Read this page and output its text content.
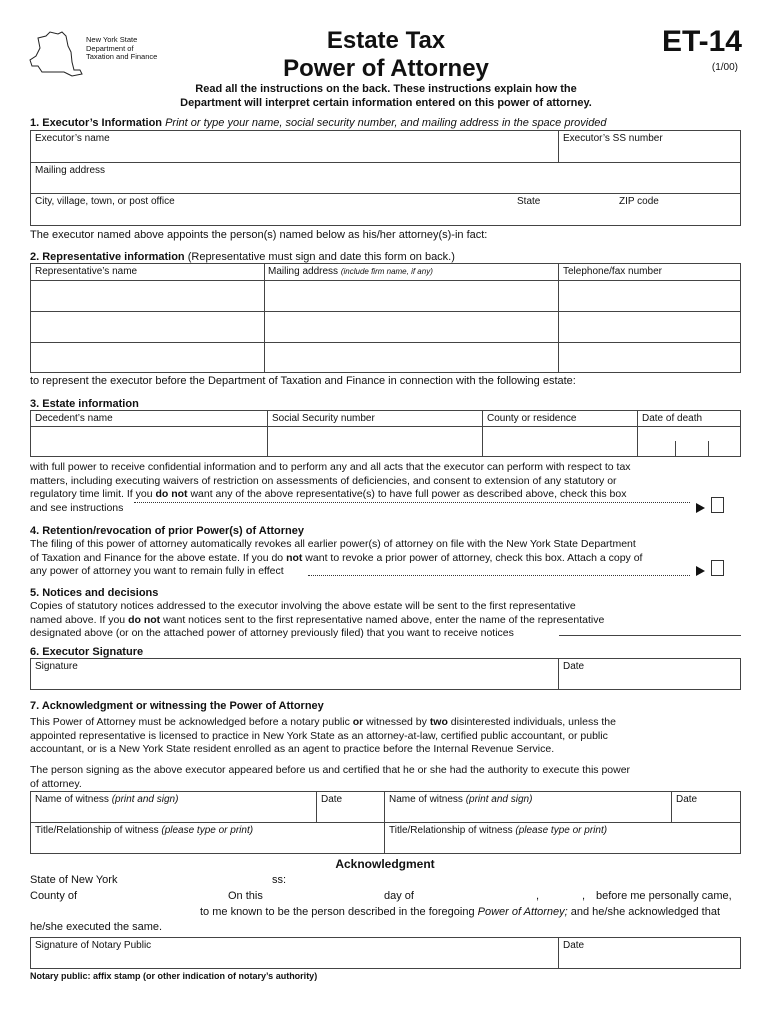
New York State
Department of
Taxation and Finance
Estate Tax
Power of Attorney
ET-14
(1/00)
Read all the instructions on the back. These instructions explain how the
Department will interpret certain information entered on this power of attorney.
1. Executor’s Information Print or type your name, social security number, and mailing address in the space provided
Executor’s name	Executor’s SS number
Mailing address
City, village, town, or post office	State	ZIP code
The executor named above appoints the person(s) named below as his/her attorney(s)-in fact:
2. Representative information (Representative must sign and date this form on back.)
Representative’s name	Mailing address (include firm name, if any)	Telephone/fax number
to represent the executor before the Department of Taxation and Finance in connection with the following estate:
3. Estate information
Decedent’s name	Social Security number	County or residence	Date of death
with full power to receive confidential information and to perform any and all acts that the executor can perform with respect to tax
matters, including executing waivers of restriction on assessments of deficiencies, and consent to extension of any statutory or
regulatory time limit. If you do not want any of the above representative(s) to have full power as described above, check this box
and see instructions
4. Retention/revocation of prior Power(s) of Attorney
The filing of this power of attorney automatically revokes all earlier power(s) of attorney on file with the New York State Department
of Taxation and Finance for the above estate. If you do not want to revoke a prior power of attorney, check this box. Attach a copy of
any power of attorney you want to remain fully in effect
5. Notices and decisions
Copies of statutory notices addressed to the executor involving the above estate will be sent to the first representative
named above. If you do not want notices sent to the first representative named above, enter the name of the representative
designated above (or on the attached power of attorney previously filed) that you want to receive notices
6. Executor Signature
Signature	Date
7. Acknowledgment or witnessing the Power of Attorney
This Power of Attorney must be acknowledged before a notary public or witnessed by two disinterested individuals, unless the
appointed representative is licensed to practice in New York State as an attorney-at-law, certified public accountant, or public
accountant, or is a New York State resident enrolled as an agent to practice before the Internal Revenue Service.
The person signing as the above executor appeared before us and certified that he or she had the authority to execute this power
of attorney.
Name of witness (print and sign)	Date	Name of witness (print and sign)	Date
Title/Relationship of witness (please type or print)	Title/Relationship of witness (please type or print)
Acknowledgment
State of New York	ss:
County of	On this	day of	,	, before me personally came,
to me known to be the person described in the foregoing Power of Attorney; and he/she acknowledged that
he/she executed the same.
Signature of Notary Public	Date
Notary public: affix stamp (or other indication of notary’s authority)
